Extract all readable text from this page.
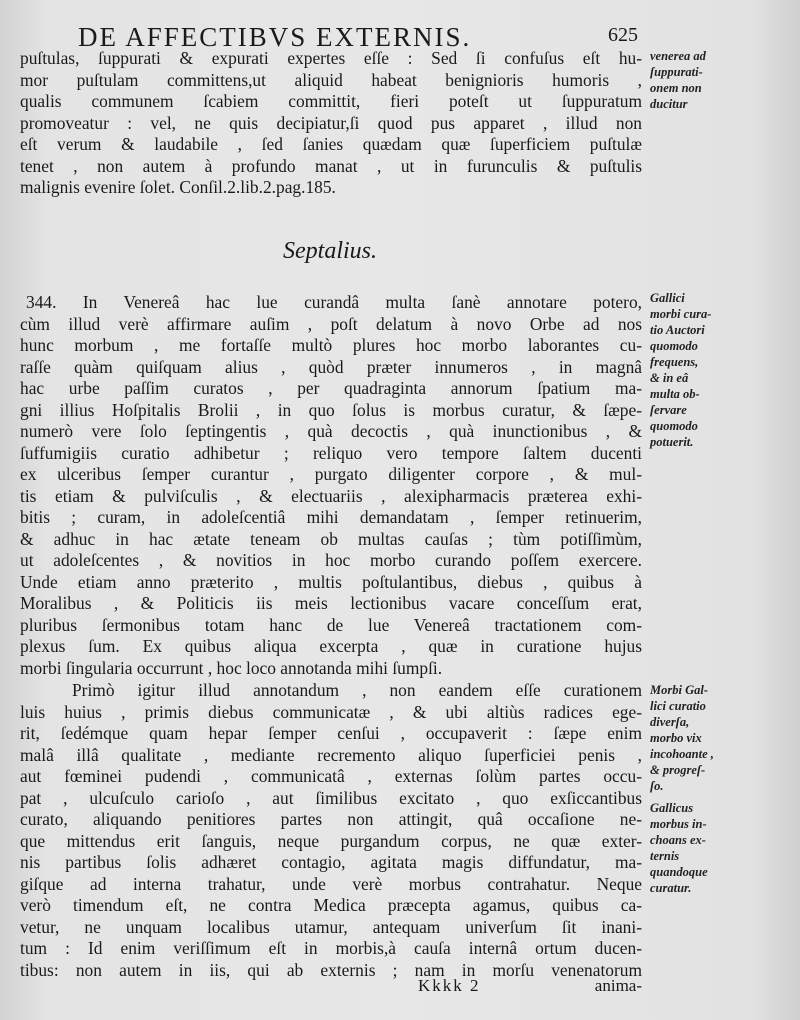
DE AFFECTIBVS EXTERNIS.	625
puſtulas, ſuppurati & expurati expertes eſſe : Sed ſi confuſus eſt hu-
mor puſtulam committens,ut aliquid habeat benignioris humoris ,
qualis communem ſcabiem committit, fieri poteſt ut ſuppuratum
promoveatur : vel, ne quis decipiatur,ſi quod pus apparet , illud non
eſt verum & laudabile , ſed ſanies quædam quæ ſuperficiem puſtulæ
tenet , non autem à profundo manat , ut in furunculis & puſtulis
malignis evenire ſolet. Conſil.2.lib.2.pag.185.
Septalius.
344. In Venereâ hac lue curandâ multa ſanè annotare potero,
cùm illud verè affirmare auſim , poſt delatum à novo Orbe ad nos
hunc morbum , me fortaſſe multò plures hoc morbo laborantes cu-
raſſe quàm quiſquam alius , quòd præter innumeros , in magnâ
hac urbe paſſim curatos , per quadraginta annorum ſpatium ma-
gni illius Hoſpitalis Brolii , in quo ſolus is morbus curatur, & ſæpe-
numerò vere ſolo ſeptingentis , quà decoctis , quà inunctionibus , &
ſuffumigiis curatio adhibetur ; reliquo vero tempore ſaltem ducenti
ex ulceribus ſemper curantur , purgato diligenter corpore , & mul-
tis etiam & pulviſculis , & electuariis , alexipharmacis præterea exhi-
bitis ; curam, in adoleſcentiâ mihi demandatam , ſemper retinuerim,
& adhuc in hac ætate teneam ob multas cauſas ; tùm potiſſimùm,
ut adoleſcentes , & novitios in hoc morbo curando poſſem exercere.
Unde etiam anno præterito , multis poſtulantibus, diebus , quibus à
Moralibus , & Politicis iis meis lectionibus vacare conceſſum erat,
pluribus ſermonibus totam hanc de lue Venereâ tractationem com-
plexus ſum. Ex quibus aliqua excerpta , quæ in curatione hujus
morbi ſingularia occurrunt , hoc loco annotanda mihi ſumpſi.
Primò igitur illud annotandum , non eandem eſſe curationem
luis huius , primis diebus communicatæ , & ubi altiùs radices ege-
rit, ſedémque quam hepar ſemper cenſui , occupaverit : ſæpe enim
malâ illâ qualitate , mediante recremento aliquo ſuperficiei penis ,
aut fœminei pudendi , communicatâ , externas ſolùm partes occu-
pat , ulcuſculo carioſo , aut ſimilibus excitato , quo exſiccantibus
curato, aliquando penitiores partes non attingit, quâ occaſione ne-
que mittendus erit ſanguis, neque purgandum corpus, ne quæ exter-
nis partibus ſolis adhæret contagio, agitata magis diffundatur, ma-
giſque ad interna trahatur, unde verè morbus contrahatur. Neque
verò timendum eſt, ne contra Medica præcepta agamus, quibus ca-
vetur, ne unquam localibus utamur, antequam univerſum ſit inani-
tum : Id enim veriſſimum eſt in morbis,à cauſa internâ ortum ducen-
tibus: non autem in iis, qui ab externis ; nam in morſu venenatorum
venerea ad
ſuppurati-
onem non
ducitur
Gallici
morbi cura-
tio Auctori
quomodo
frequens,
& in eâ
multa ob-
ſervare
quomodo
potuerit.
Morbi Gal-
lici curatio
diverſa,
morbo vix
incohoante ,
& progreſ-
ſo.
Gallicus
morbus in-
choans ex-
ternis
quandoque
curatur.
Kkkk 2	anima-
